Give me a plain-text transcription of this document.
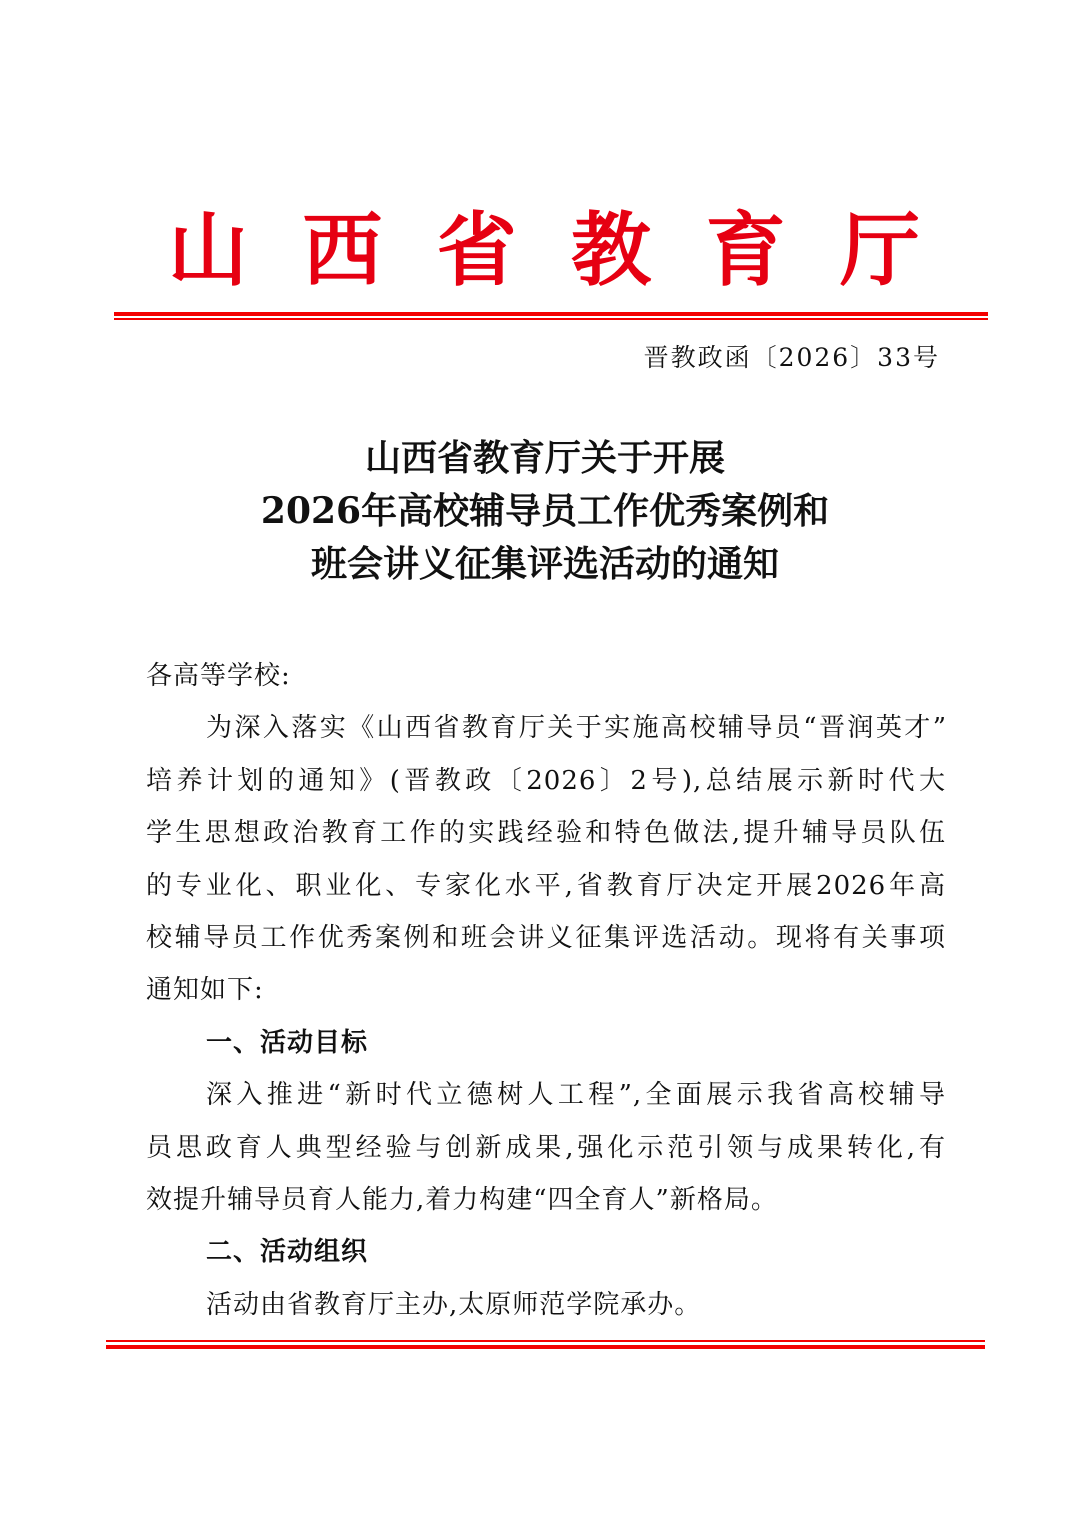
山 西 省 教 育 厅
晋教政函〔2026〕33号
山西省教育厅关于开展
2026年高校辅导员工作优秀案例和
班会讲义征集评选活动的通知
各高等学校:
为深入落实《山西省教育厅关于实施高校辅导员“晋润英才”
培养计划的通知》(晋教政〔2026〕2号),总结展示新时代大
学生思想政治教育工作的实践经验和特色做法,提升辅导员队伍
的专业化、职业化、专家化水平,省教育厅决定开展2026年高
校辅导员工作优秀案例和班会讲义征集评选活动。现将有关事项
通知如下:
一、活动目标
深入推进“新时代立德树人工程”,全面展示我省高校辅导
员思政育人典型经验与创新成果,强化示范引领与成果转化,有
效提升辅导员育人能力,着力构建“四全育人”新格局。
二、活动组织
活动由省教育厅主办,太原师范学院承办。
